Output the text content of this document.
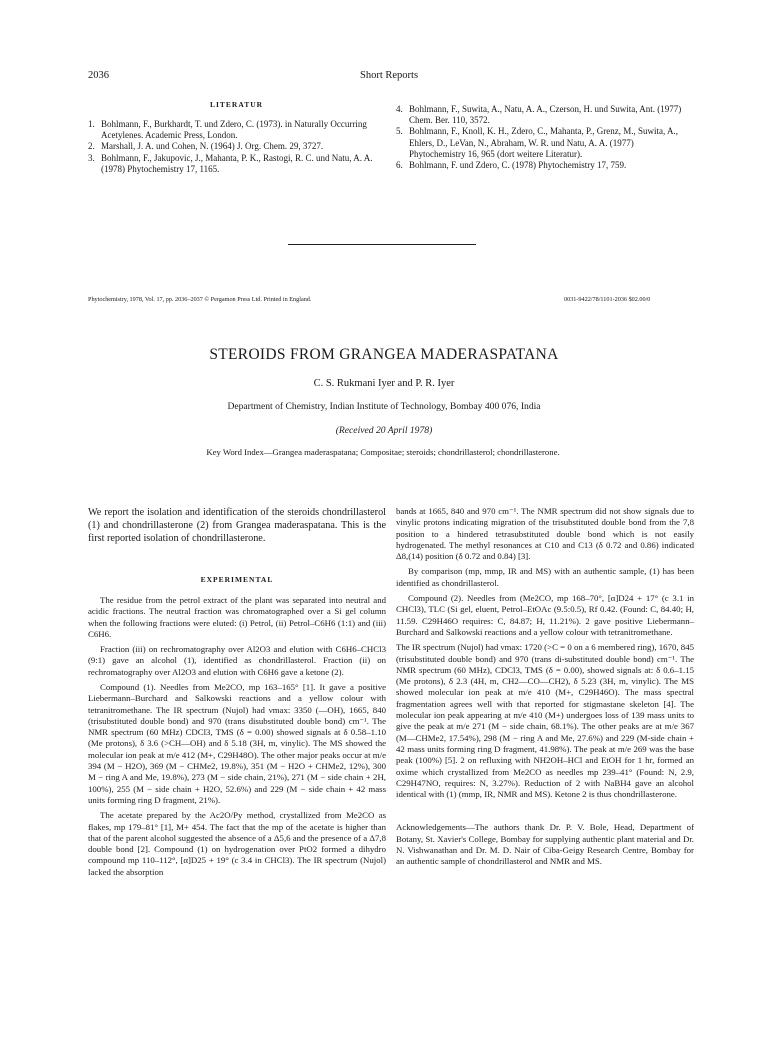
2036	Short Reports
LITERATUR
1. Bohlmann, F., Burkhardt, T. und Zdero, C. (1973). in Naturally Occurring Acetylenes. Academic Press, London.
2. Marshall, J. A. und Cohen, N. (1964) J. Org. Chem. 29, 3727.
3. Bohlmann, F., Jakupovic, J., Mahanta, P. K., Rastogi, R. C. und Natu, A. A. (1978) Phytochemistry 17, 1165.
4. Bohlmann, F., Suwita, A., Natu, A. A., Czerson, H. und Suwita, Ant. (1977) Chem. Ber. 110, 3572.
5. Bohlmann, F., Knoll, K. H., Zdero, C., Mahanta, P., Grenz, M., Suwita, A., Ehlers, D., LeVan, N., Abraham, W. R. und Natu, A. A. (1977) Phytochemistry 16, 965 (dort weitere Literatur).
6. Bohlmann, F. und Zdero, C. (1978) Phytochemistry 17, 759.
Phytochemistry, 1978, Vol. 17, pp. 2036–2037 © Pergamon Press Ltd. Printed in England.	0031-9422/78/1101-2036 $02.00/0
STEROIDS FROM GRANGEA MADERASPATANA
C. S. Rukmani Iyer and P. R. Iyer
Department of Chemistry, Indian Institute of Technology, Bombay 400 076, India
(Received 20 April 1978)
Key Word Index—Grangea maderaspatana; Compositae; steroids; chondrillasterol; chondrillasterone.
We report the isolation and identification of the steroids chondrillasterol (1) and chondrillasterone (2) from Grangea maderaspatana. This is the first reported isolation of chondrillasterone.
EXPERIMENTAL

The residue from the petrol extract of the plant was separated into neutral and acidic fractions. The neutral fraction was chromatographed over a Si gel column when the following fractions were eluted: (i) Petrol, (ii) Petrol–C6H6 (1:1) and (iii) C6H6.

Fraction (iii) on rechromatography over Al2O3 and elution with C6H6–CHCl3 (9:1) gave an alcohol (1), identified as chondrillasterol. Fraction (ii) on rechromatography over Al2O3 and elution with C6H6 gave a ketone (2).

Compound (1). Needles from Me2CO, mp 163–165° [1]. It gave a positive Liebermann–Burchard and Salkowski reactions and a yellow colour with tetranitromethane. The IR spectrum (Nujol) had νmax: 3350 (—OH), 1665, 840 (trisubstituted double bond) and 970 (trans disubstituted double bond) cm⁻¹. The NMR spectrum (60 MHz) CDCl3, TMS (δ = 0.00) showed signals at δ 0.58–1.10 (Me protons), δ 3.6 (>CH—OH) and δ 5.18 (3H, m, vinylic). The MS showed the molecular ion peak at m/e 412 (M+, C29H48O). The other major peaks occur at m/e 394 (M − H2O), 369 (M − CHMe2, 19.8%), 351 (M − H2O + CHMe2, 12%), 300 M − ring A and Me, 19.8%), 273 (M − side chain, 21%), 271 (M − side chain + 2H, 100%), 255 (M − side chain + H2O, 52.6%) and 229 (M − side chain + 42 mass units forming ring D fragment, 21%).

The acetate prepared by the Ac2O/Py method, crystallized from Me2CO as flakes, mp 179–81° [1], M+ 454. The fact that the mp of the acetate is higher than that of the parent alcohol suggested the absence of a Δ5,6 and the presence of a Δ7,8 double bond [2]. Compound (1) on hydrogenation over PtO2 formed a dihydro compound mp 110–112°, [α]D25 + 19° (c 3.4 in CHCl3). The IR spectrum (Nujol) lacked the absorption

bands at 1665, 840 and 970 cm⁻¹. The NMR spectrum did not show signals due to vinylic protons indicating migration of the trisubstituted double bond from the 7,8 position to a hindered tetrasubstituted double bond which is not easily hydrogenated. The methyl resonances at C10 and C13 (δ 0.72 and 0.86) indicated Δ8,(14) position (δ 0.72 and 0.84) [3].

By comparison (mp, mmp, IR and MS) with an authentic sample, (1) has been identified as chondrillasterol.

Compound (2). Needles from (Me2CO, mp 168–70°, [α]D24 + 17° (c 3.1 in CHCl3), TLC (Si gel, eluent, Petrol–EtOAc (9.5:0.5), Rf 0.42. (Found: C, 84.40; H, 11.59. C29H46O requires: C, 84.87; H, 11.21%). 2 gave positive Liebermann–Burchard and Salkowski reactions and a yellow colour with tetranitromethane.

The IR spectrum (Nujol) had νmax: 1720 (>C = 0 on a 6 membered ring), 1670, 845 (trisubstituted double bond) and 970 (trans di-substituted double bond) cm⁻¹. The NMR spectrum (60 MHz), CDCl3, TMS (δ = 0.00), showed signals at: δ 0.6–1.15 (Me protons), δ 2.3 (4H, m, CH2—CO—CH2), δ 5.23 (3H, m, vinylic). The MS showed molecular ion peak at m/e 410 (M+, C29H46O). The mass spectral fragmentation agrees well with that reported for stigmastane skeleton [4]. The molecular ion peak appearing at m/e 410 (M+) undergoes loss of 139 mass units to give the peak at m/e 271 (M − side chain, 68.1%). The other peaks are at m/e 367 (M—CHMe2, 17.54%), 298 (M − ring A and Me, 27.6%) and 229 (M-side chain + 42 mass units forming ring D fragment, 41.98%). The peak at m/e 269 was the base peak (100%) [5]. 2 on refluxing with NH2OH–HCl and EtOH for 1 hr, formed an oxime which crystallized from Me2CO as needles mp 239–41° (Found: N, 2.9, C29H47NO, requires: N, 3.27%). Reduction of 2 with NaBH4 gave an alcohol identical with (1) (mmp, IR, NMR and MS). Ketone 2 is thus chondrillasterone.

Acknowledgements—The authors thank Dr. P. V. Bole, Head, Department of Botany, St. Xavier's College, Bombay for supplying authentic plant material and Dr. N. Vishwanathan and Dr. M. D. Nair of Ciba-Geigy Research Centre, Bombay for an authentic sample of chondrillasterol and NMR and MS.
